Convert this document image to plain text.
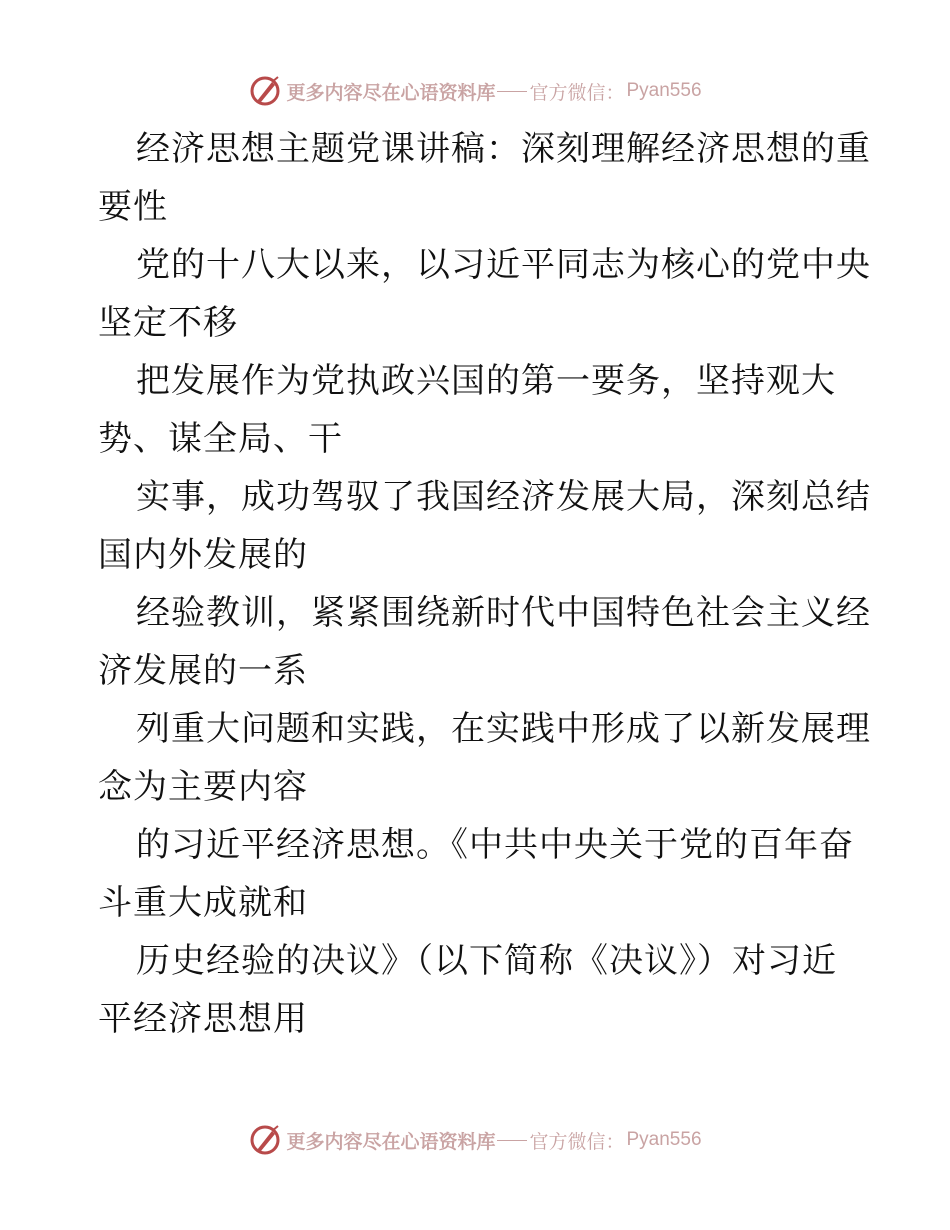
更多内容尽在心语资料库 官方微信： Pyan556
经济思想主题党课讲稿：深刻理解经济思想的重
要性
党的十八大以来，以习近平同志为核心的党中央
坚定不移
把发展作为党执政兴国的第一要务，坚持观大
势、谋全局、干
实事，成功驾驭了我国经济发展大局，深刻总结
国内外发展的
经验教训，紧紧围绕新时代中国特色社会主义经
济发展的一系
列重大问题和实践，在实践中形成了以新发展理
念为主要内容
的习近平经济思想。《中共中央关于党的百年奋
斗重大成就和
历史经验的决议》（以下简称《决议》）对习近
平经济思想用
更多内容尽在心语资料库 官方微信： Pyan556
